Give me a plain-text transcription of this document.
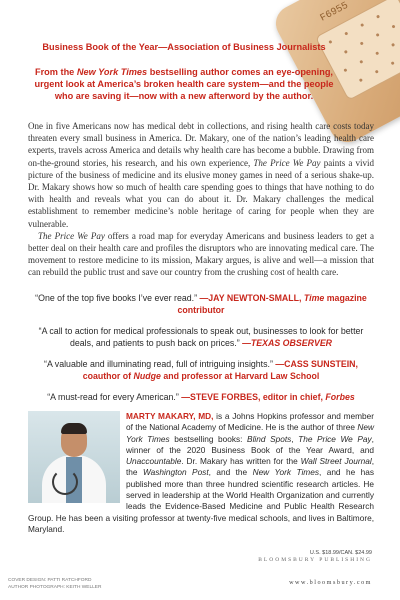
F6955

Business Book of the Year—Association of Business Journalists

From the New York Times bestselling author comes an eye-opening, urgent look at America’s broken health care system—and the people who are saving it—now with a new afterword by the author.

One in five Americans now has medical debt in collections, and rising health care costs today threaten every small business in America. Dr. Makary, one of the nation’s leading health care experts, travels across America and details why health care has become a bubble. Drawing from on-the-ground stories, his research, and his own experience, The Price We Pay paints a vivid picture of the business of medicine and its elusive money games in need of a serious shake-up. Dr. Makary shows how so much of health care spending goes to things that have nothing to do with health and reveals what you can do about it. Dr. Makary challenges the medical establishment to remember medicine’s noble heritage of caring for people when they are vulnerable.

The Price We Pay offers a road map for everyday Americans and business leaders to get a better deal on their health care and profiles the disruptors who are innovating medical care. The movement to restore medicine to its mission, Makary argues, is alive and well—a mission that can rebuild the public trust and save our country from the crushing cost of health care.

“One of the top five books I’ve ever read.” —JAY NEWTON-SMALL, Time magazine contributor

“A call to action for medical professionals to speak out, businesses to look for better deals, and patients to push back on prices.” —TEXAS OBSERVER

“A valuable and illuminating read, full of intriguing insights.” —CASS SUNSTEIN, coauthor of Nudge and professor at Harvard Law School

“A must-read for every American.” —STEVE FORBES, editor in chief, Forbes

MARTY MAKARY, MD, is a Johns Hopkins professor and member of the National Academy of Medicine. He is the author of three New York Times bestselling books: Blind Spots, The Price We Pay, winner of the 2020 Business Book of the Year Award, and Unaccountable. Dr. Makary has written for the Wall Street Journal, the Washington Post, and the New York Times, and he has published more than three hundred scientific research articles. He served in leadership at the World Health Organization and currently leads the Evidence-Based Medicine and Public Health Research Group. He has been a visiting professor at twenty-five medical schools, and lives in Baltimore, Maryland.

U.S. $18.99/CAN. $24.99
BLOOMSBURY PUBLISHING
COVER DESIGN: PATTI RATCHFORD
AUTHOR PHOTOGRAPH: KEITH WELLER
www.bloomsbury.com
